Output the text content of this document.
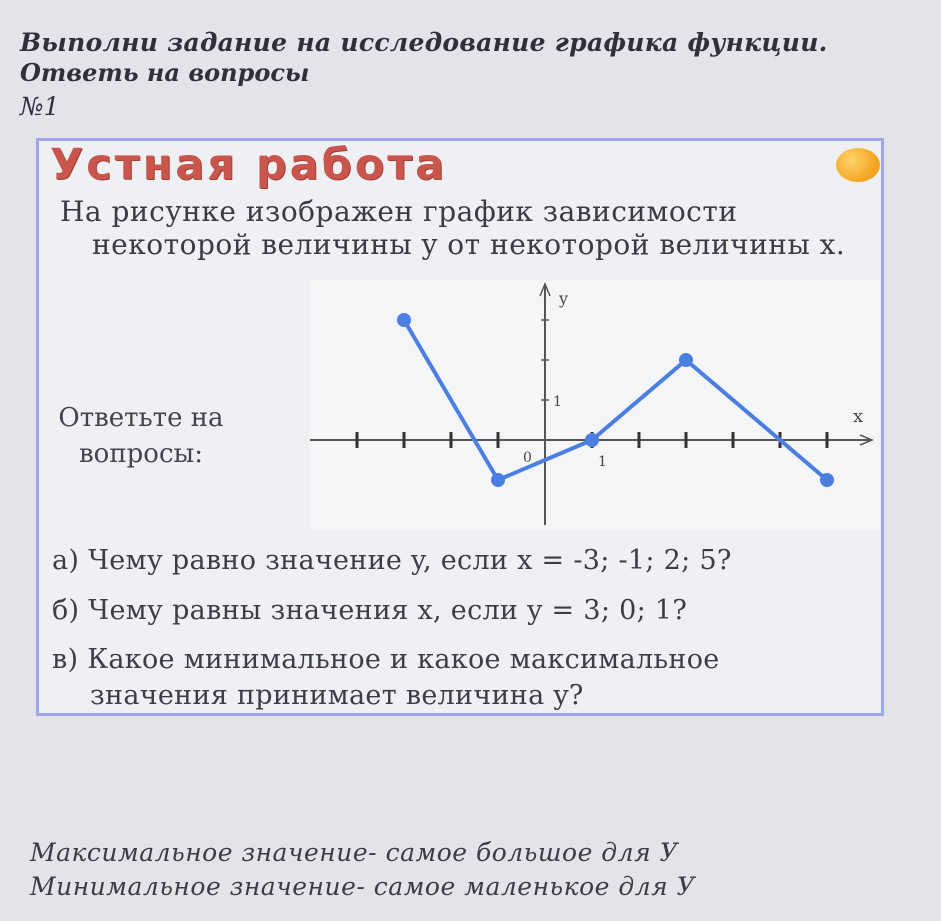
Выполни задание на исследование графика функции.
Ответь на вопросы
№1
Устная работа
На рисунке изображен график зависимости
некоторой величины y от некоторой величины x.
Ответьте на
вопросы:
y
x
0	1
1
а) Чему равно значение y, если x = -3; -1; 2; 5?
б) Чему равны значения x, если y = 3; 0; 1?
в) Какое минимальное и какое максимальное
значения принимает величина y?
Максимальное значение- самое большое для У
Минимальное значение- самое маленькое для У
